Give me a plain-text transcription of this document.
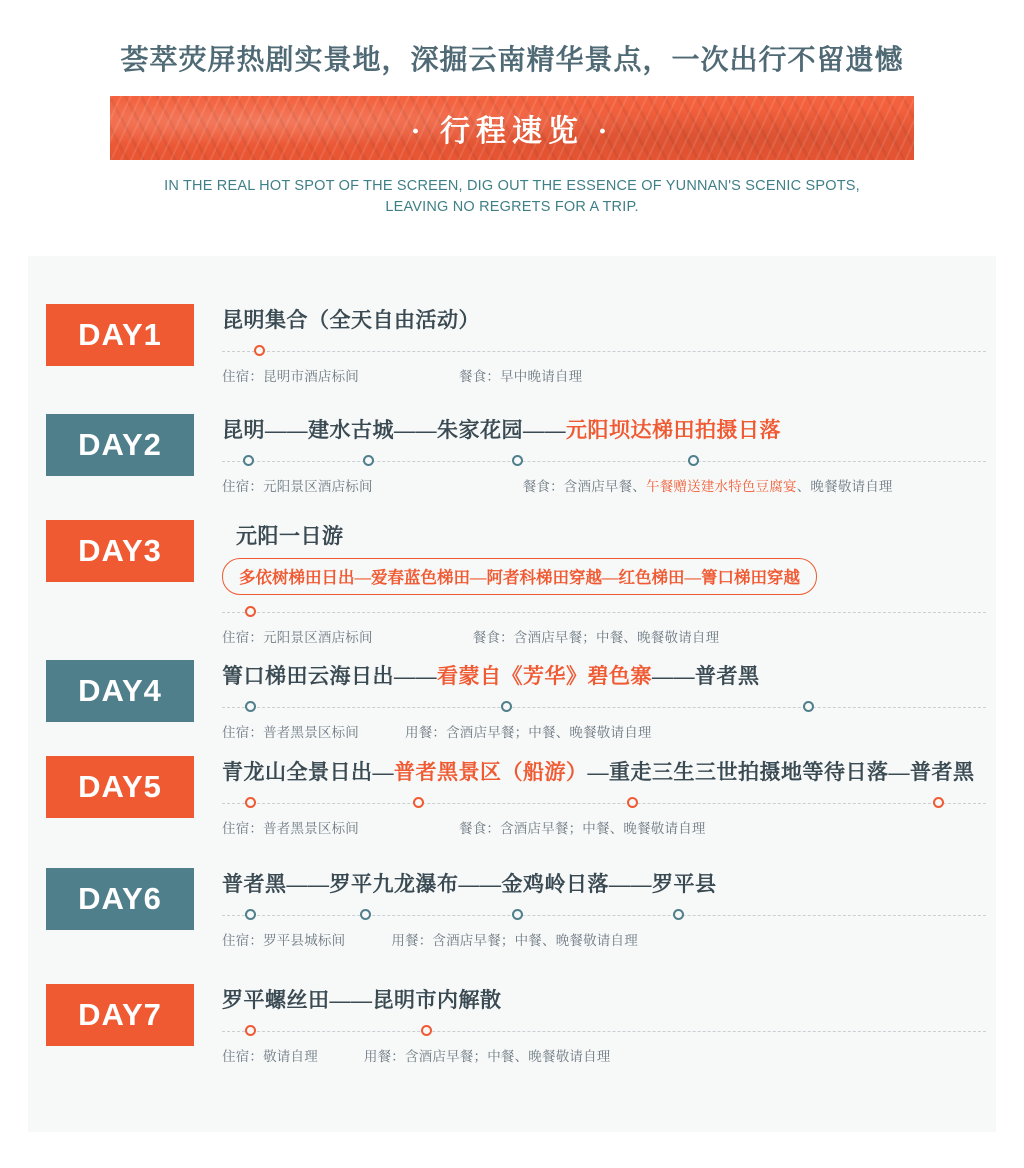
荟萃荧屏热剧实景地，深掘云南精华景点，一次出行不留遗憾
· 行程速览 ·
IN THE REAL HOT SPOT OF THE SCREEN, DIG OUT THE ESSENCE OF YUNNAN'S SCENIC SPOTS, LEAVING NO REGRETS FOR A TRIP.
DAY1	昆明集合（全天自由活动）
住宿：昆明市酒店标间	餐食：早中晚请自理
DAY2	昆明——建水古城——朱家花园——元阳坝达梯田拍摄日落
住宿：元阳景区酒店标间	餐食：含酒店早餐、午餐赠送建水特色豆腐宴、晚餐敬请自理
DAY3	元阳一日游
多依树梯田日出—爱春蓝色梯田—阿者科梯田穿越—红色梯田—箐口梯田穿越
住宿：元阳景区酒店标间	餐食：含酒店早餐；中餐、晚餐敬请自理
DAY4	箐口梯田云海日出——看蒙自《芳华》碧色寨——普者黑
住宿：普者黑景区标间	用餐：含酒店早餐；中餐、晚餐敬请自理
DAY5	青龙山全景日出—普者黑景区（船游）—重走三生三世拍摄地等待日落—普者黑
住宿：普者黑景区标间	餐食：含酒店早餐；中餐、晚餐敬请自理
DAY6	普者黑——罗平九龙瀑布——金鸡岭日落——罗平县
住宿：罗平县城标间	用餐：含酒店早餐；中餐、晚餐敬请自理
DAY7	罗平螺丝田——昆明市内解散
住宿：敬请自理	用餐：含酒店早餐；中餐、晚餐敬请自理
